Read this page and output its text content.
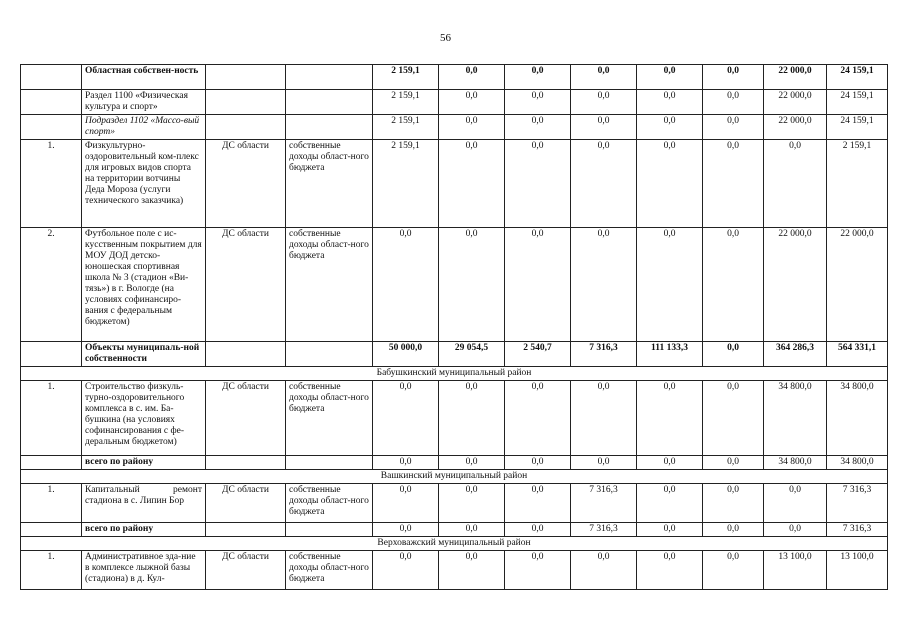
56
	Областная собствен-ность			2 159,1	0,0	0,0	0,0	0,0	0,0	22 000,0	24 159,1
	Раздел 1100 «Физическая культура и спорт»			2 159,1	0,0	0,0	0,0	0,0	0,0	22 000,0	24 159,1
	Подраздел 1102 «Массо-вый спорт»			2 159,1	0,0	0,0	0,0	0,0	0,0	22 000,0	24 159,1
1.	Физкультурно-оздоровительный ком-плекс для игровых видов спорта на территории вотчины Деда Мороза (услуги технического заказчика)	ДС области	собственные доходы област-ного бюджета	2 159,1	0,0	0,0	0,0	0,0	0,0	0,0	2 159,1
2.	Футбольное поле с ис-кусственным покрытием для МОУ ДОД детско-юношеская спортивная школа № 3 (стадион «Ви-тязь») в г. Вологде (на условиях софинансиро-вания с федеральным бюджетом)	ДС области	собственные доходы област-ного бюджета	0,0	0,0	0,0	0,0	0,0	0,0	22 000,0	22 000,0
	Объекты муниципаль-ной собственности			50 000,0	29 054,5	2 540,7	7 316,3	111 133,3	0,0	364 286,3	564 331,1
Бабушкинский муниципальный район											
1.	Строительство физкуль-турно-оздоровительного комплекса в с. им. Ба-бушкина (на условиях софинансирования с фе-деральным бюджетом)	ДС области	собственные доходы област-ного бюджета	0,0	0,0	0,0	0,0	0,0	0,0	34 800,0	34 800,0
	всего по району			0,0	0,0	0,0	0,0	0,0	0,0	34 800,0	34 800,0
Вашкинский муниципальный район											
1.	Капитальный ремонт стадиона в с. Липин Бор	ДС области	собственные доходы област-ного бюджета	0,0	0,0	0,0	7 316,3	0,0	0,0	0,0	7 316,3
	всего по району			0,0	0,0	0,0	7 316,3	0,0	0,0	0,0	7 316,3
Верховажский муниципальный район											
1.	Административное зда-ние в комплексе лыжной базы (стадиона) в д. Кул-	ДС области	собственные доходы област-ного бюджета	0,0	0,0	0,0	0,0	0,0	0,0	13 100,0	13 100,0
